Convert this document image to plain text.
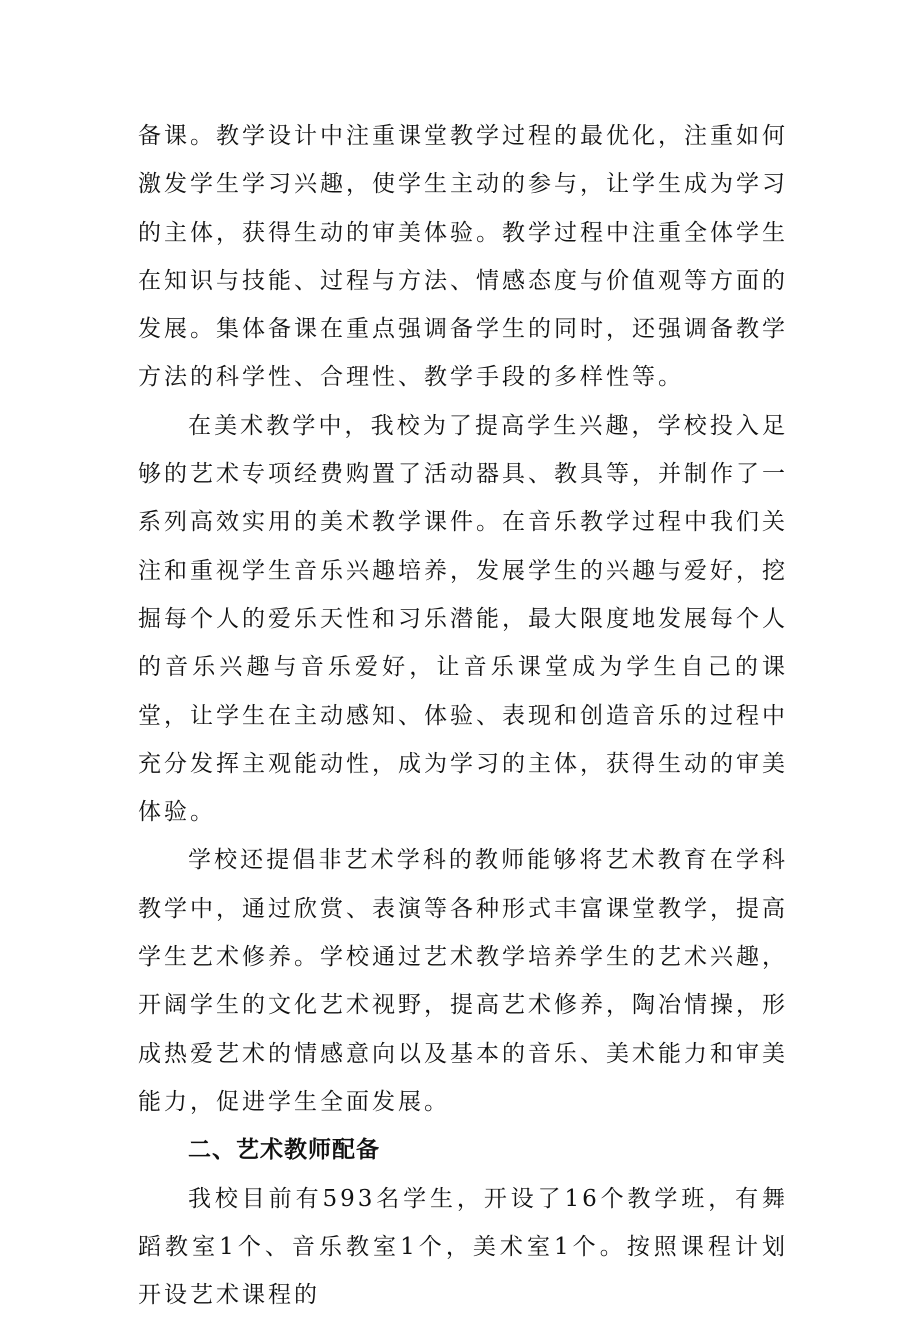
备课。教学设计中注重课堂教学过程的最优化，注重如何激发学生学习兴趣，使学生主动的参与，让学生成为学习的主体，获得生动的审美体验。教学过程中注重全体学生在知识与技能、过程与方法、情感态度与价值观等方面的发展。集体备课在重点强调备学生的同时，还强调备教学方法的科学性、合理性、教学手段的多样性等。

在美术教学中，我校为了提高学生兴趣，学校投入足够的艺术专项经费购置了活动器具、教具等，并制作了一系列高效实用的美术教学课件。在音乐教学过程中我们关注和重视学生音乐兴趣培养，发展学生的兴趣与爱好，挖掘每个人的爱乐天性和习乐潜能，最大限度地发展每个人的音乐兴趣与音乐爱好，让音乐课堂成为学生自己的课堂，让学生在主动感知、体验、表现和创造音乐的过程中充分发挥主观能动性，成为学习的主体，获得生动的审美体验。

学校还提倡非艺术学科的教师能够将艺术教育在学科教学中，通过欣赏、表演等各种形式丰富课堂教学，提高学生艺术修养。学校通过艺术教学培养学生的艺术兴趣，开阔学生的文化艺术视野，提高艺术修养，陶冶情操，形成热爱艺术的情感意向以及基本的音乐、美术能力和审美能力，促进学生全面发展。

二、艺术教师配备

我校目前有593名学生，开设了16个教学班，有舞蹈教室1个、音乐教室1个，美术室1个。按照课程计划开设艺术课程的
